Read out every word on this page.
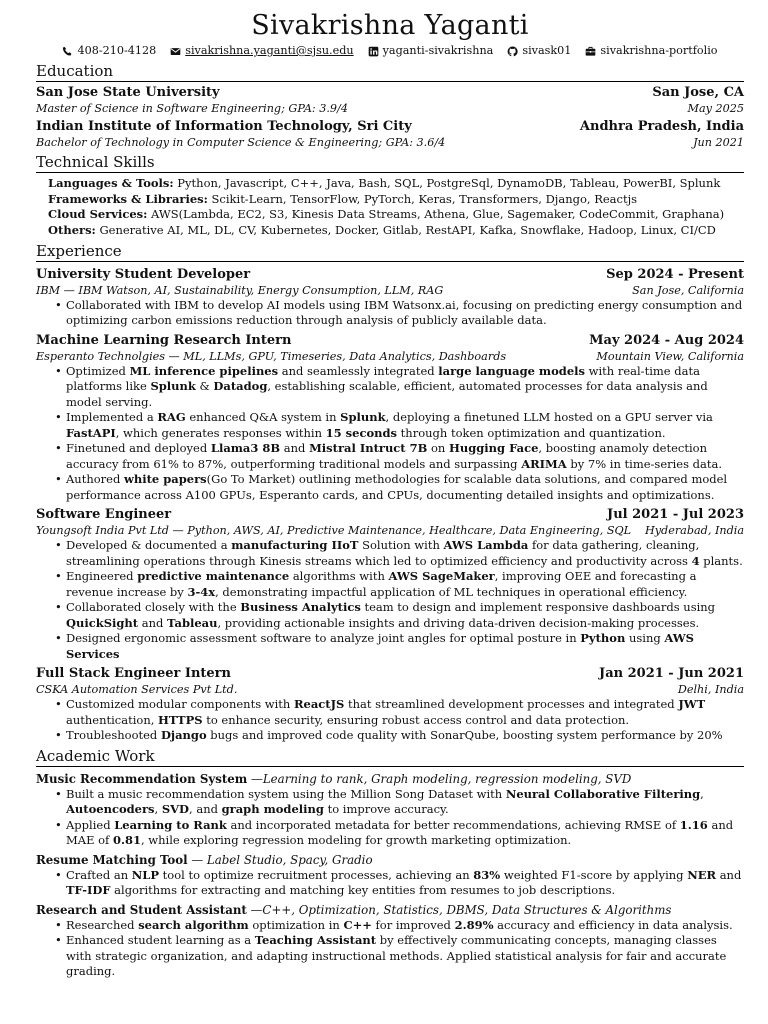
Sivakrishna Yaganti
408-210-4128	sivakrishna.yaganti@sjsu.edu	yaganti-sivakrishna	sivask01	sivakrishna-portfolio
Education
San Jose State University	San Jose, CA
Master of Science in Software Engineering; GPA: 3.9/4	May 2025
Indian Institute of Information Technology, Sri City	Andhra Pradesh, India
Bachelor of Technology in Computer Science & Engineering; GPA: 3.6/4	Jun 2021
Technical Skills
Languages & Tools: Python, Javascript, C++, Java, Bash, SQL, PostgreSql, DynamoDB, Tableau, PowerBI, Splunk
Frameworks & Libraries: Scikit-Learn, TensorFlow, PyTorch, Keras, Transformers, Django, Reactjs
Cloud Services: AWS(Lambda, EC2, S3, Kinesis Data Streams, Athena, Glue, Sagemaker, CodeCommit, Graphana)
Others: Generative AI, ML, DL, CV, Kubernetes, Docker, Gitlab, RestAPI, Kafka, Snowflake, Hadoop, Linux, CI/CD
Experience
University Student Developer	Sep 2024 - Present
IBM — IBM Watson, AI, Sustainability, Energy Consumption, LLM, RAG	San Jose, California
• Collaborated with IBM to develop AI models using IBM Watsonx.ai, focusing on predicting energy consumption and optimizing carbon emissions reduction through analysis of publicly available data.
Machine Learning Research Intern	May 2024 - Aug 2024
Esperanto Technolgies — ML, LLMs, GPU, Timeseries, Data Analytics, Dashboards	Mountain View, California
• Optimized ML inference pipelines and seamlessly integrated large language models with real-time data platforms like Splunk & Datadog, establishing scalable, efficient, automated processes for data analysis and model serving.
• Implemented a RAG enhanced Q&A system in Splunk, deploying a finetuned LLM hosted on a GPU server via FastAPI, which generates responses within 15 seconds through token optimization and quantization.
• Finetuned and deployed Llama3 8B and Mistral Intruct 7B on Hugging Face, boosting anamoly detection accuracy from 61% to 87%, outperforming traditional models and surpassing ARIMA by 7% in time-series data.
• Authored white papers(Go To Market) outlining methodologies for scalable data solutions, and compared model performance across A100 GPUs, Esperanto cards, and CPUs, documenting detailed insights and optimizations.
Software Engineer	Jul 2021 - Jul 2023
Youngsoft India Pvt Ltd — Python, AWS, AI, Predictive Maintenance, Healthcare, Data Engineering, SQL Hyderabad, India
• Developed & documented a manufacturing IIoT Solution with AWS Lambda for data gathering, cleaning, streamlining operations through Kinesis streams which led to optimized efficiency and productivity across 4 plants.
• Engineered predictive maintenance algorithms with AWS SageMaker, improving OEE and forecasting a revenue increase by 3-4x, demonstrating impactful application of ML techniques in operational efficiency.
• Collaborated closely with the Business Analytics team to design and implement responsive dashboards using QuickSight and Tableau, providing actionable insights and driving data-driven decision-making processes.
• Designed ergonomic assessment software to analyze joint angles for optimal posture in Python using AWS Services
Full Stack Engineer Intern	Jan 2021 - Jun 2021
CSKA Automation Services Pvt Ltd.	Delhi, India
• Customized modular components with ReactJS that streamlined development processes and integrated JWT authentication, HTTPS to enhance security, ensuring robust access control and data protection.
• Troubleshooted Django bugs and improved code quality with SonarQube, boosting system performance by 20%
Academic Work
Music Recommendation System —Learning to rank, Graph modeling, regression modeling, SVD
• Built a music recommendation system using the Million Song Dataset with Neural Collaborative Filtering, Autoencoders, SVD, and graph modeling to improve accuracy.
• Applied Learning to Rank and incorporated metadata for better recommendations, achieving RMSE of 1.16 and MAE of 0.81, while exploring regression modeling for growth marketing optimization.
Resume Matching Tool — Label Studio, Spacy, Gradio
• Crafted an NLP tool to optimize recruitment processes, achieving an 83% weighted F1-score by applying NER and TF-IDF algorithms for extracting and matching key entities from resumes to job descriptions.
Research and Student Assistant —C++, Optimization, Statistics, DBMS, Data Structures & Algorithms
• Researched search algorithm optimization in C++ for improved 2.89% accuracy and efficiency in data analysis.
• Enhanced student learning as a Teaching Assistant by effectively communicating concepts, managing classes with strategic organization, and adapting instructional methods. Applied statistical analysis for fair and accurate grading.
